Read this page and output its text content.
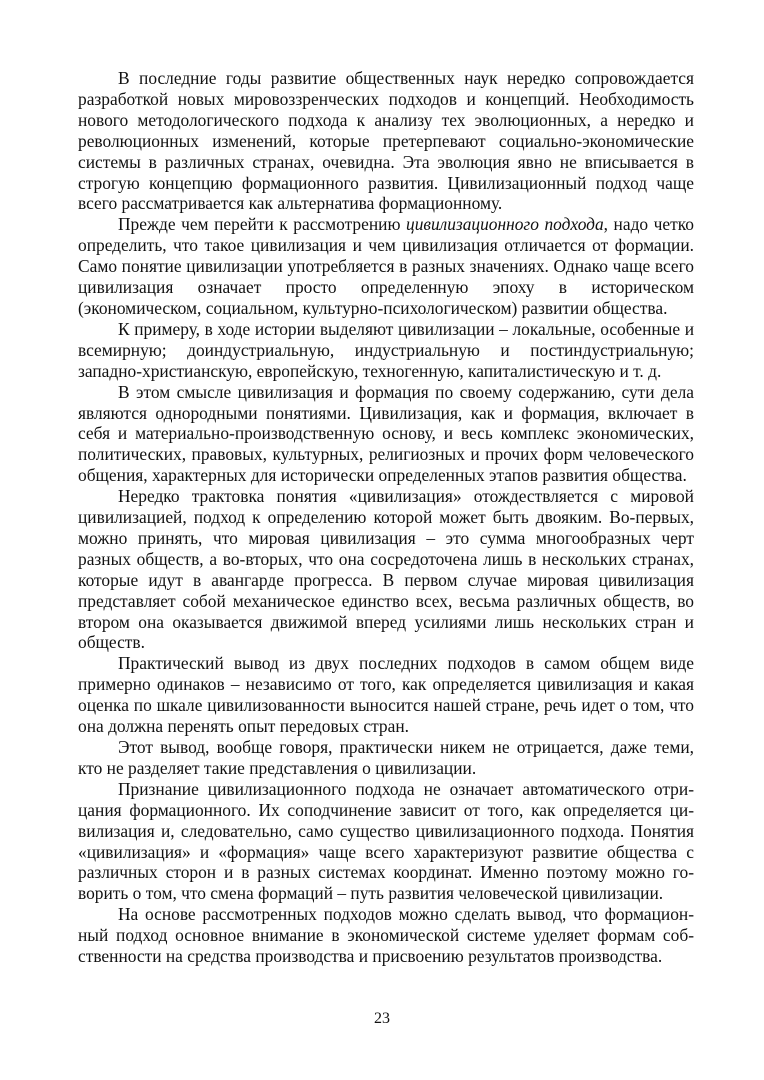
В последние годы развитие общественных наук нередко сопровождается разработкой новых мировоззренческих подходов и концепций. Необходимость нового методологического подхода к анализу тех эволюционных, а нередко и революционных изменений, которые претерпевают социально-экономические системы в различных странах, очевидна. Эта эволюция явно не вписывается в строгую концепцию формационного развития. Цивилизационный подход чаще всего рассматривается как альтернатива формационному.

Прежде чем перейти к рассмотрению цивилизационного подхода, надо четко определить, что такое цивилизация и чем цивилизация отличается от формации. Само понятие цивилизации употребляется в разных значениях. Однако чаще всего цивилизация означает просто определенную эпоху в историческом (экономическом, социальном, культурно-психологическом) развитии общества.

К примеру, в ходе истории выделяют цивилизации – локальные, особенные и всемирную; доиндустриальную, индустриальную и постиндустриальную; западно-христианскую, европейскую, техногенную, капиталистическую и т. д.

В этом смысле цивилизация и формация по своему содержанию, сути дела являются однородными понятиями. Цивилизация, как и формация, включает в себя и материально-производственную основу, и весь комплекс экономических, политических, правовых, культурных, религиозных и прочих форм человеческого общения, характерных для исторически определенных этапов развития общества.

Нередко трактовка понятия «цивилизация» отождествляется с мировой цивилизацией, подход к определению которой может быть двояким. Во-первых, можно принять, что мировая цивилизация – это сумма многообразных черт разных обществ, а во-вторых, что она сосредоточена лишь в нескольких странах, которые идут в авангарде прогресса. В первом случае мировая цивилизация представляет собой механическое единство всех, весьма различных обществ, во втором она оказывается движимой вперед усилиями лишь нескольких стран и обществ.

Практический вывод из двух последних подходов в самом общем виде примерно одинаков – независимо от того, как определяется цивилизация и какая оценка по шкале цивилизованности выносится нашей стране, речь идет о том, что она должна перенять опыт передовых стран.

Этот вывод, вообще говоря, практически никем не отрицается, даже теми, кто не разделяет такие представления о цивилизации.

Признание цивилизационного подхода не означает автоматического отрицания формационного. Их соподчинение зависит от того, как определяется цивилизация и, следовательно, само существо цивилизационного подхода. Понятия «цивилизация» и «формация» чаще всего характеризуют развитие общества с различных сторон и в разных системах координат. Именно поэтому можно говорить о том, что смена формаций – путь развития человеческой цивилизации.

На основе рассмотренных подходов можно сделать вывод, что формационный подход основное внимание в экономической системе уделяет формам собственности на средства производства и присвоению результатов производства.

23
